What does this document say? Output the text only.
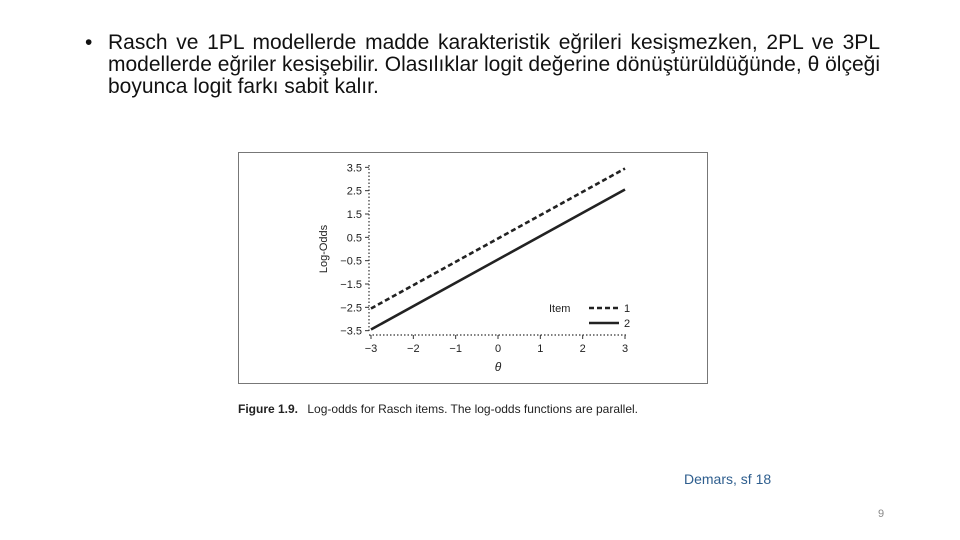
• Rasch ve 1PL modellerde madde karakteristik eğrileri kesişmezken, 2PL ve 3PL modellerde eğriler kesişebilir. Olasılıklar logit değerine dönüştürüldüğünde, θ ölçeği boyunca logit farkı sabit kalır.
3.5
2.5
1.5
0.5
−0.5
−1.5
−2.5
−3.5
−3	−2	−1	0	1	2	3
Log-Odds
θ
Item	1
2
Figure 1.9. Log-odds for Rasch items. The log-odds functions are parallel.
Demars, sf 18
9
